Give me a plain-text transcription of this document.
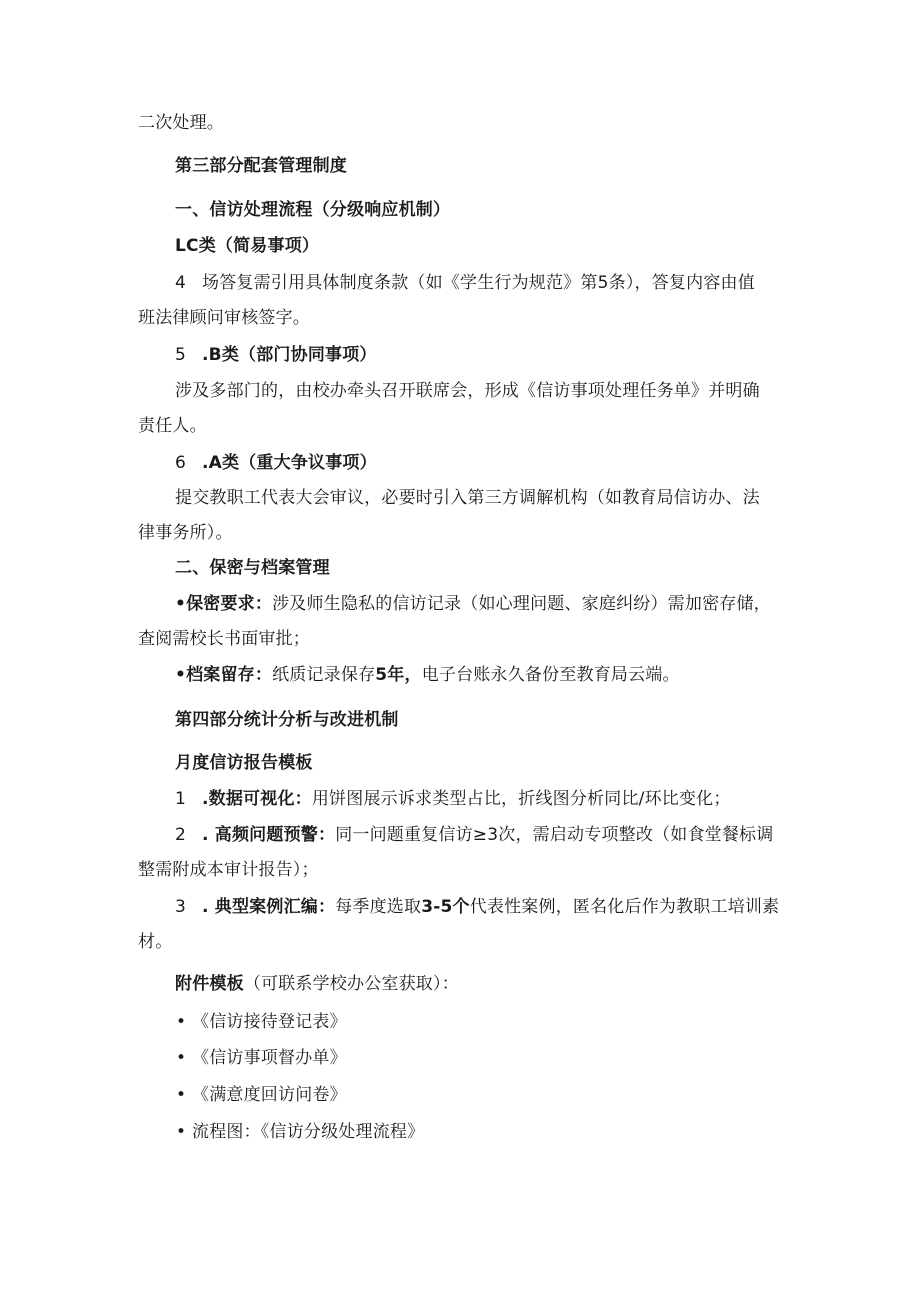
二次处理。
第三部分配套管理制度
一、信访处理流程（分级响应机制）
LC类（简易事项）
4 场答复需引用具体制度条款（如《学生行为规范》第5条），答复内容由值
班法律顾问审核签字。
5 .B类（部门协同事项）
涉及多部门的，由校办牵头召开联席会，形成《信访事项处理任务单》并明确
责任人。
6 .A类（重大争议事项）
提交教职工代表大会审议，必要时引入第三方调解机构（如教育局信访办、法
律事务所）。
二、保密与档案管理
•保密要求：涉及师生隐私的信访记录（如心理问题、家庭纠纷）需加密存储，
查阅需校长书面审批；
•档案留存：纸质记录保存5年，电子台账永久备份至教育局云端。
第四部分统计分析与改进机制
月度信访报告模板
1 .数据可视化：用饼图展示诉求类型占比，折线图分析同比/环比变化；
2 . 高频问题预警：同一问题重复信访≥3次，需启动专项整改（如食堂餐标调
整需附成本审计报告）；
3 . 典型案例汇编：每季度选取3-5个代表性案例，匿名化后作为教职工培训素
材。
附件模板（可联系学校办公室获取）：
• 《信访接待登记表》
• 《信访事项督办单》
• 《满意度回访问卷》
• 流程图：《信访分级处理流程》
